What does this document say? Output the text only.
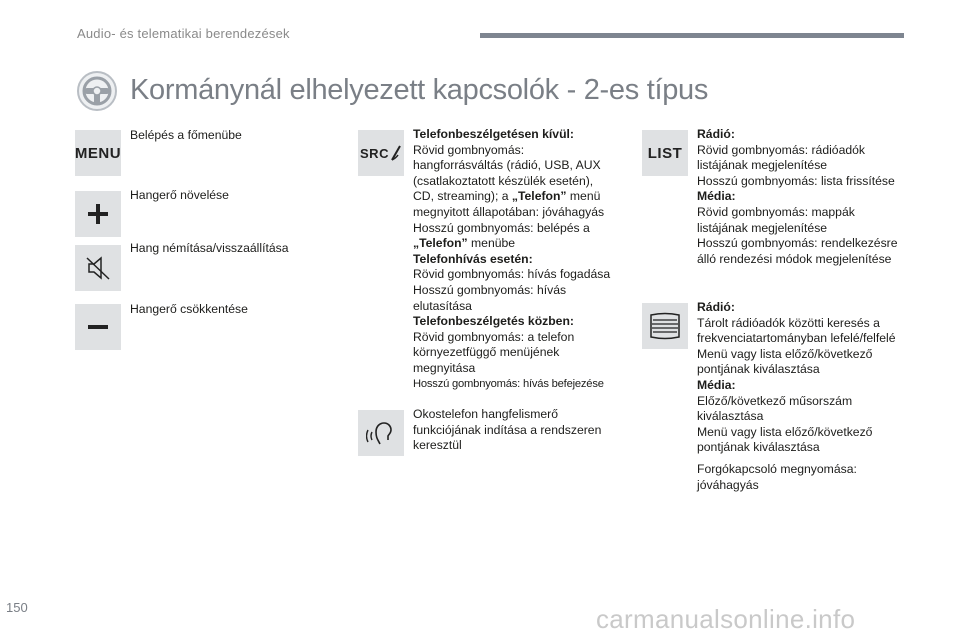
Audio- és telematikai berendezések
Kormánynál elhelyezett kapcsolók - 2-es típus
MENU
Belépés a főmenübe
Hangerő növelése
Hang némítása/visszaállítása
Hangerő csökkentése
SRC
Telefonbeszélgetésen kívül:
Rövid gombnyomás:
hangforrásváltás (rádió, USB, AUX
(csatlakoztatott készülék esetén),
CD, streaming); a „Telefon” menü
megnyitott állapotában: jóváhagyás
Hosszú gombnyomás: belépés a
„Telefon” menübe
Telefonhívás esetén:
Rövid gombnyomás: hívás fogadása
Hosszú gombnyomás: hívás
elutasítása
Telefonbeszélgetés közben:
Rövid gombnyomás: a telefon
környezetfüggő menüjének
megnyitása
Hosszú gombnyomás: hívás befejezése
Okostelefon hangfelismerő
funkciójának indítása a rendszeren
keresztül
LIST
Rádió:
Rövid gombnyomás: rádióadók
listájának megjelenítése
Hosszú gombnyomás: lista frissítése
Média:
Rövid gombnyomás: mappák
listájának megjelenítése
Hosszú gombnyomás: rendelkezésre
álló rendezési módok megjelenítése
Rádió:
Tárolt rádióadók közötti keresés a
frekvenciatartományban lefelé/felfelé
Menü vagy lista előző/következő
pontjának kiválasztása
Média:
Előző/következő műsorszám
kiválasztása
Menü vagy lista előző/következő
pontjának kiválasztása
Forgókapcsoló megnyomása:
jóváhagyás
150	carmanualsonline.info
